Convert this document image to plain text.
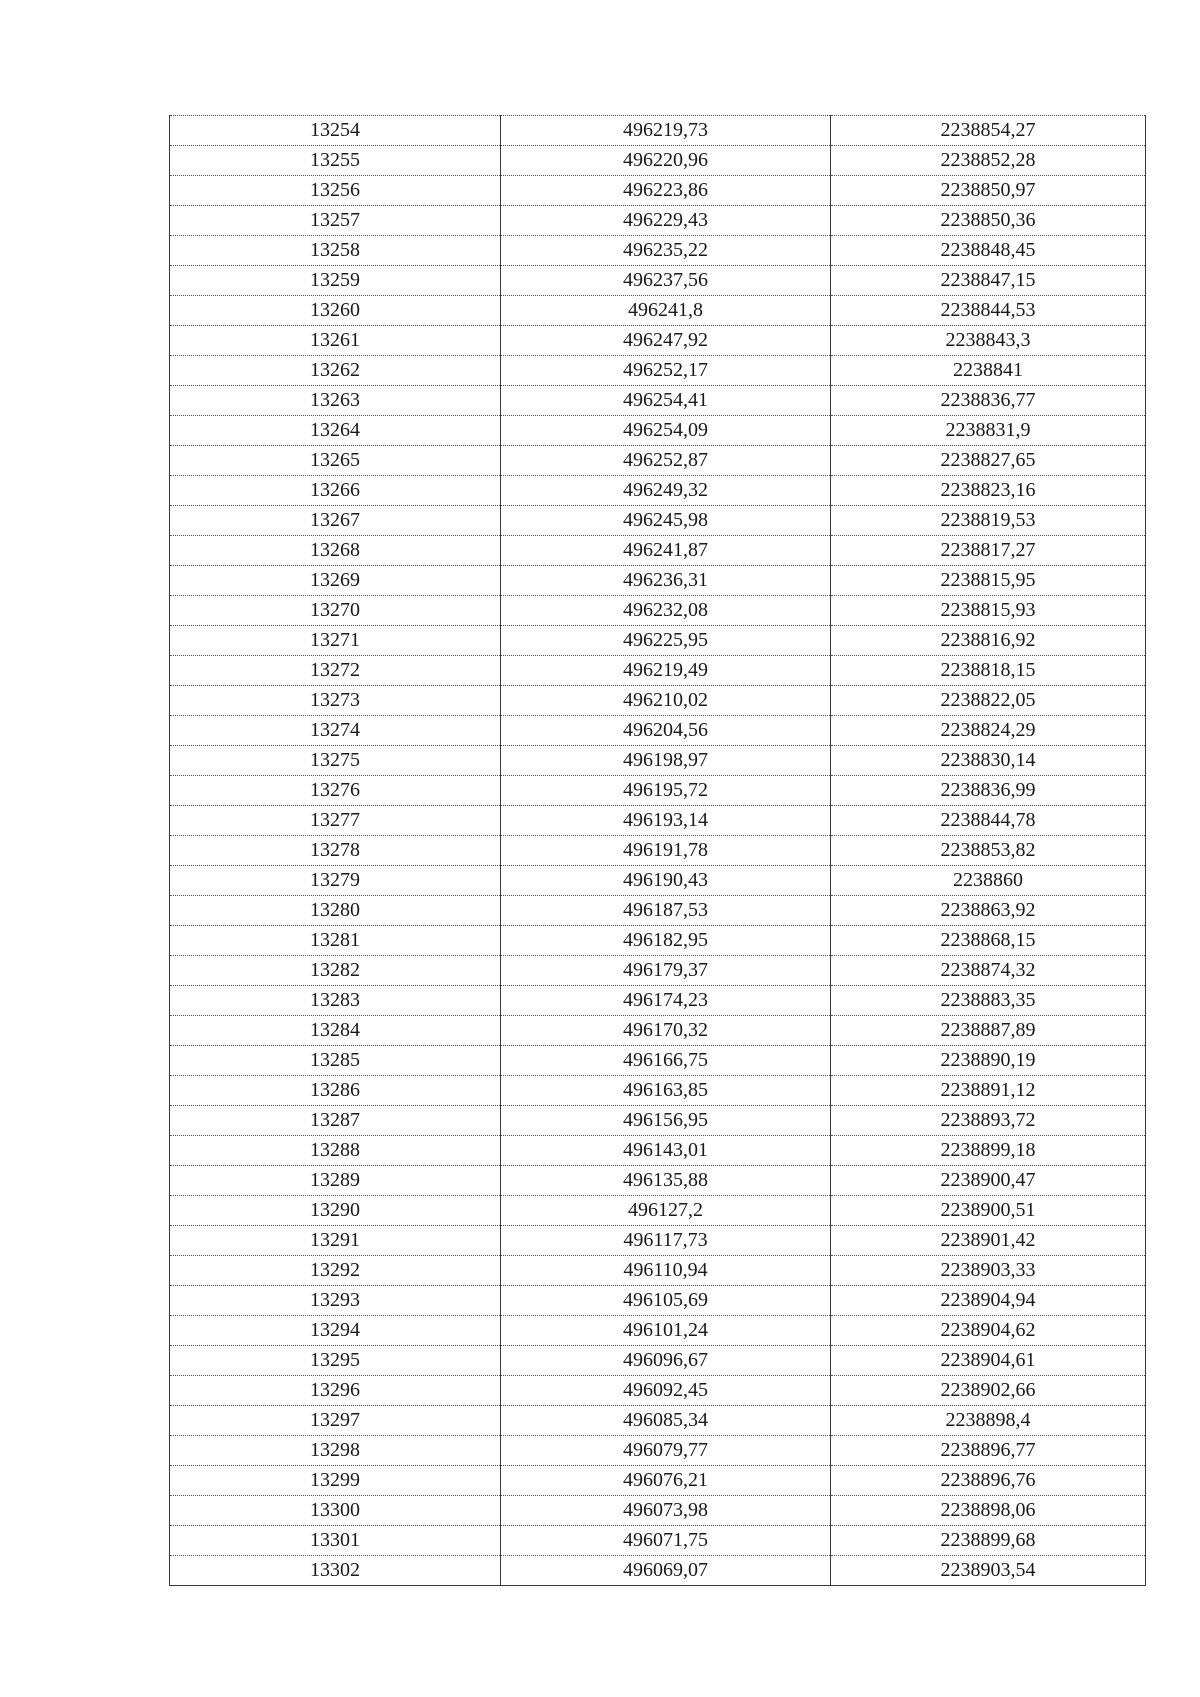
13254	496219,73	2238854,27
13255	496220,96	2238852,28
13256	496223,86	2238850,97
13257	496229,43	2238850,36
13258	496235,22	2238848,45
13259	496237,56	2238847,15
13260	496241,8	2238844,53
13261	496247,92	2238843,3
13262	496252,17	2238841
13263	496254,41	2238836,77
13264	496254,09	2238831,9
13265	496252,87	2238827,65
13266	496249,32	2238823,16
13267	496245,98	2238819,53
13268	496241,87	2238817,27
13269	496236,31	2238815,95
13270	496232,08	2238815,93
13271	496225,95	2238816,92
13272	496219,49	2238818,15
13273	496210,02	2238822,05
13274	496204,56	2238824,29
13275	496198,97	2238830,14
13276	496195,72	2238836,99
13277	496193,14	2238844,78
13278	496191,78	2238853,82
13279	496190,43	2238860
13280	496187,53	2238863,92
13281	496182,95	2238868,15
13282	496179,37	2238874,32
13283	496174,23	2238883,35
13284	496170,32	2238887,89
13285	496166,75	2238890,19
13286	496163,85	2238891,12
13287	496156,95	2238893,72
13288	496143,01	2238899,18
13289	496135,88	2238900,47
13290	496127,2	2238900,51
13291	496117,73	2238901,42
13292	496110,94	2238903,33
13293	496105,69	2238904,94
13294	496101,24	2238904,62
13295	496096,67	2238904,61
13296	496092,45	2238902,66
13297	496085,34	2238898,4
13298	496079,77	2238896,77
13299	496076,21	2238896,76
13300	496073,98	2238898,06
13301	496071,75	2238899,68
13302	496069,07	2238903,54
